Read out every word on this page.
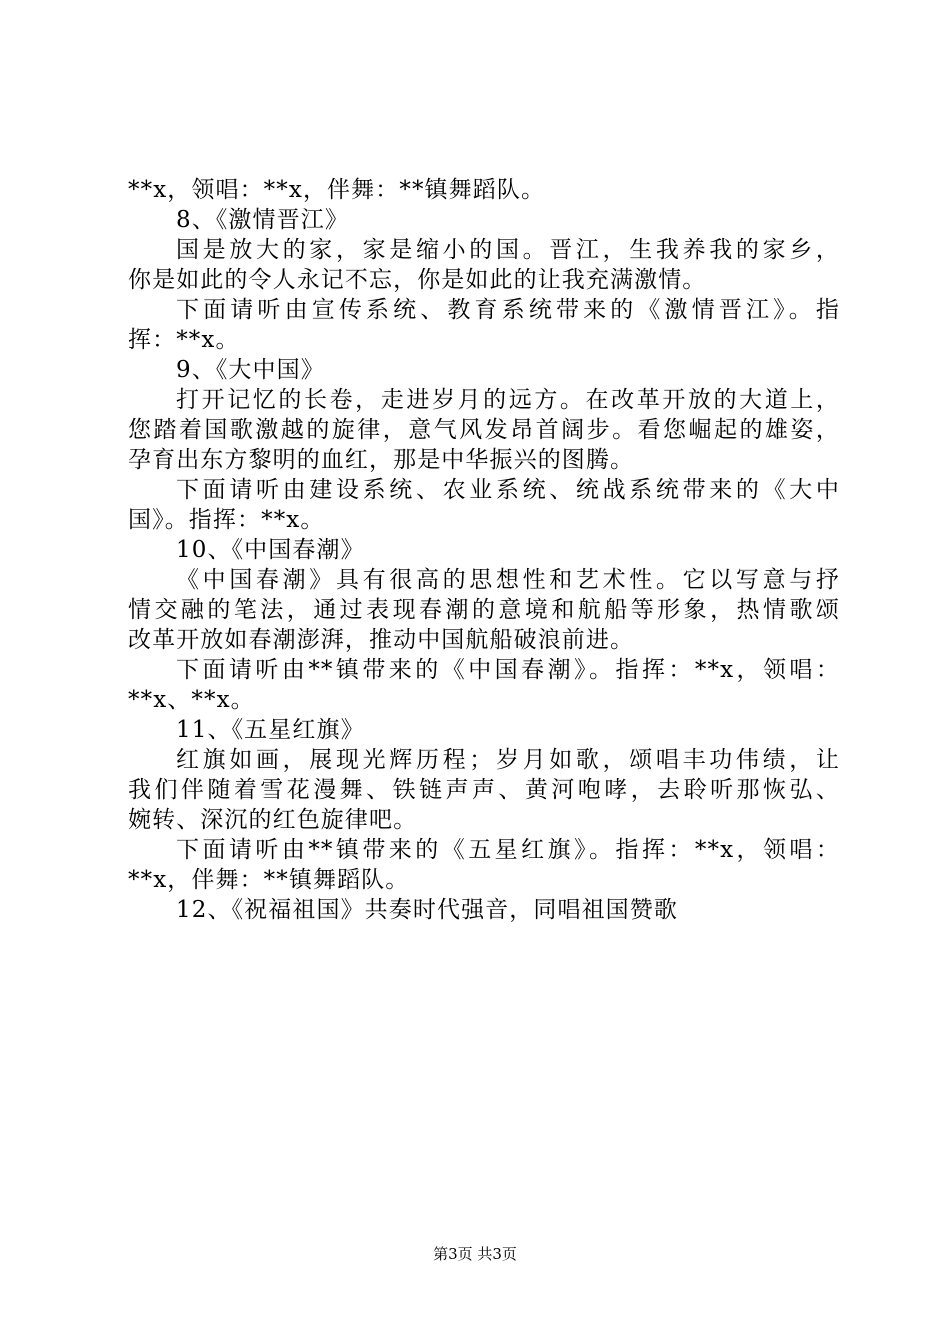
**x，领唱：**x，伴舞：**镇舞蹈队。
8、《激情晋江》
国是放大的家，家是缩小的国。晋江，生我养我的家乡，
你是如此的令人永记不忘，你是如此的让我充满激情。
下面请听由宣传系统、教育系统带来的《激情晋江》。指
挥：**x。
9、《大中国》
打开记忆的长卷，走进岁月的远方。在改革开放的大道上，
您踏着国歌激越的旋律，意气风发昂首阔步。看您崛起的雄姿，
孕育出东方黎明的血红，那是中华振兴的图腾。
下面请听由建设系统、农业系统、统战系统带来的《大中
国》。指挥：**x。
10、《中国春潮》
《中国春潮》具有很高的思想性和艺术性。它以写意与抒
情交融的笔法，通过表现春潮的意境和航船等形象，热情歌颂
改革开放如春潮澎湃，推动中国航船破浪前进。
下面请听由**镇带来的《中国春潮》。指挥：**x，领唱：
**x、**x。
11、《五星红旗》
红旗如画，展现光辉历程；岁月如歌，颂唱丰功伟绩，让
我们伴随着雪花漫舞、铁链声声、黄河咆哮，去聆听那恢弘、
婉转、深沉的红色旋律吧。
下面请听由**镇带来的《五星红旗》。指挥：**x，领唱：
**x，伴舞：**镇舞蹈队。
12、《祝福祖国》共奏时代强音，同唱祖国赞歌
第3页 共3页
